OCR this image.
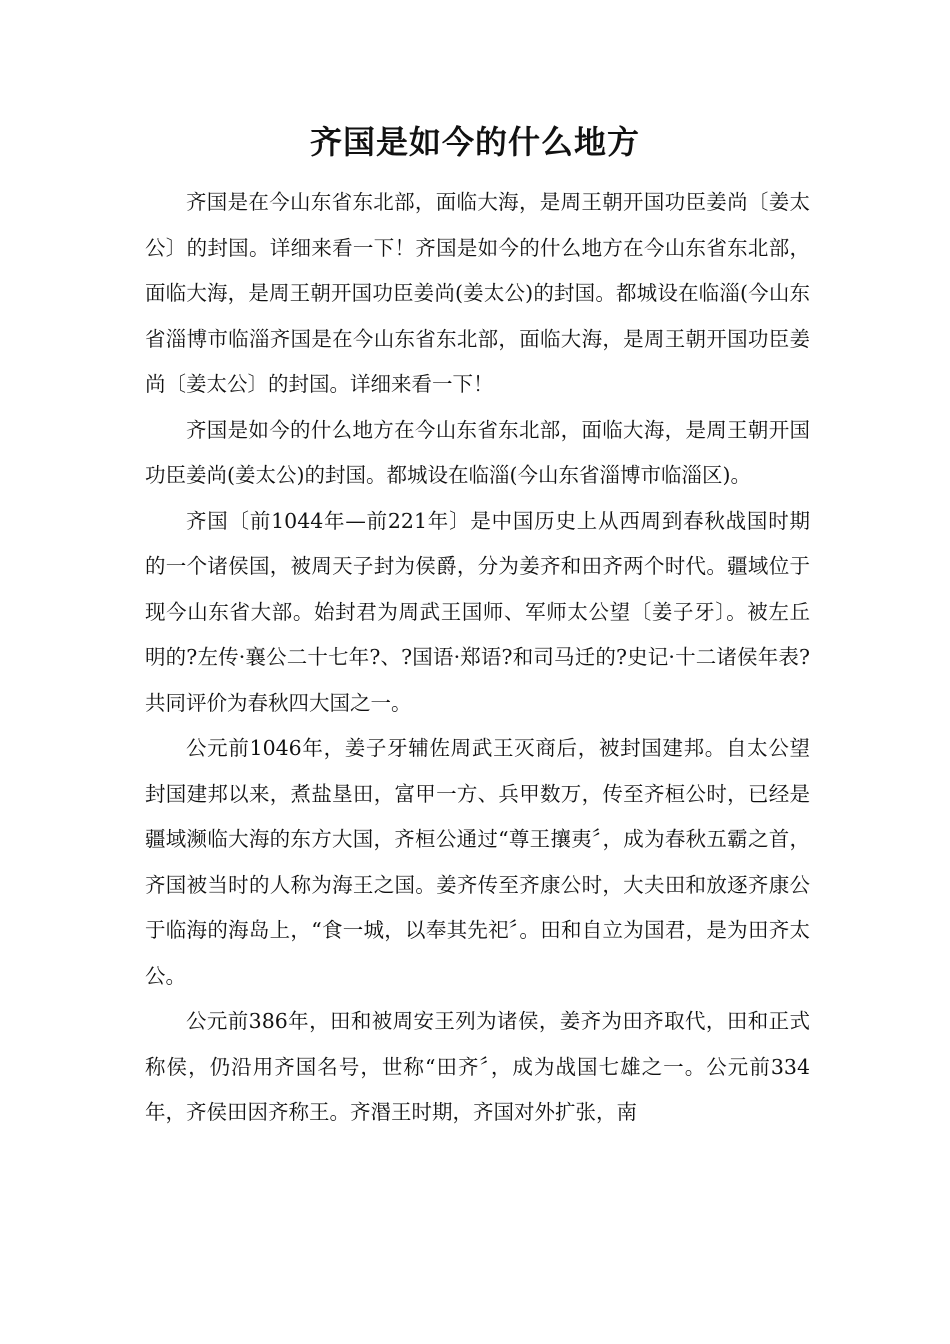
齐国是如今的什么地方

齐国是在今山东省东北部，面临大海，是周王朝开国功臣姜尚〔姜太公〕的封国。详细来看一下！齐国是如今的什么地方在今山东省东北部，面临大海，是周王朝开国功臣姜尚(姜太公)的封国。都城设在临淄(今山东省淄博市临淄齐国是在今山东省东北部，面临大海，是周王朝开国功臣姜尚〔姜太公〕的封国。详细来看一下！

齐国是如今的什么地方在今山东省东北部，面临大海，是周王朝开国功臣姜尚(姜太公)的封国。都城设在临淄(今山东省淄博市临淄区)。

齐国〔前1044年—前221年〕是中国历史上从西周到春秋战国时期的一个诸侯国，被周天子封为侯爵，分为姜齐和田齐两个时代。疆域位于现今山东省大部。始封君为周武王国师、军师太公望〔姜子牙〕。被左丘明的?左传·襄公二十七年?、?国语·郑语?和司马迁的?史记·十二诸侯年表?共同评价为春秋四大国之一。

公元前1046年，姜子牙辅佐周武王灭商后，被封国建邦。自太公望封国建邦以来，煮盐垦田，富甲一方、兵甲数万，传至齐桓公时，已经是疆域濒临大海的东方大国，齐桓公通过“尊王攘夷〞，成为春秋五霸之首，齐国被当时的人称为海王之国。姜齐传至齐康公时，大夫田和放逐齐康公于临海的海岛上，“食一城，以奉其先祀〞。田和自立为国君，是为田齐太公。

公元前386年，田和被周安王列为诸侯，姜齐为田齐取代，田和正式称侯，仍沿用齐国名号，世称“田齐〞，成为战国七雄之一。公元前334年，齐侯田因齐称王。齐湣王时期，齐国对外扩张，南
